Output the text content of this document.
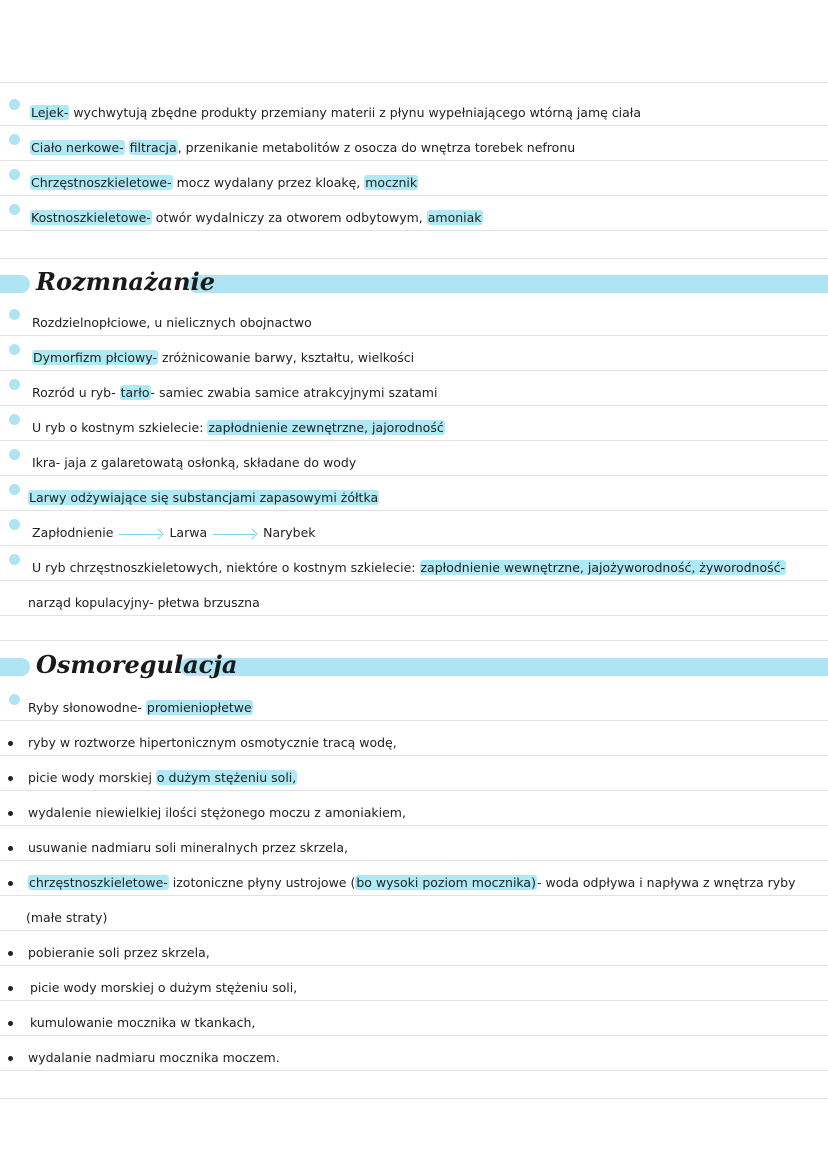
Lejek- wychwytują zbędne produkty przemiany materii z płynu wypełniającego wtórną jamę ciała
Ciało nerkowe- filtracja, przenikanie metabolitów z osocza do wnętrza torebek nefronu
Chrzęstnoszkieletowe- mocz wydalany przez kloakę, mocznik
Kostnoszkieletowe- otwór wydalniczy za otworem odbytowym, amoniak
Rozmnażanie
Rozdzielnopłciowe, u nielicznych obojnactwo
Dymorfizm płciowy- zróżnicowanie barwy, kształtu, wielkości
Rozród u ryb- tarło- samiec zwabia samice atrakcyjnymi szatami
U ryb o kostnym szkielecie: zapłodnienie zewnętrzne, jajorodność
Ikra- jaja z galaretowatą osłonką, składane do wody
Larwy odżywiające się substancjami zapasowymi żółtka
Zapłodnienie	Larwa	Narybek
U ryb chrzęstnoszkieletowych, niektóre o kostnym szkielecie: zapłodnienie wewnętrzne, jajożyworodność, żyworodność-
narząd kopulacyjny- płetwa brzuszna
Osmoregulacja
Ryby słonowodne- promieniopłetwe
ryby w roztworze hipertonicznym osmotycznie tracą wodę,
picie wody morskiej o dużym stężeniu soli,
wydalenie niewielkiej ilości stężonego moczu z amoniakiem,
usuwanie nadmiaru soli mineralnych przez skrzela,
chrzęstnoszkieletowe- izotoniczne płyny ustrojowe (bo wysoki poziom mocznika)- woda odpływa i napływa z wnętrza ryby
(małe straty)
pobieranie soli przez skrzela,
picie wody morskiej o dużym stężeniu soli,
kumulowanie mocznika w tkankach,
wydalanie nadmiaru mocznika moczem.
